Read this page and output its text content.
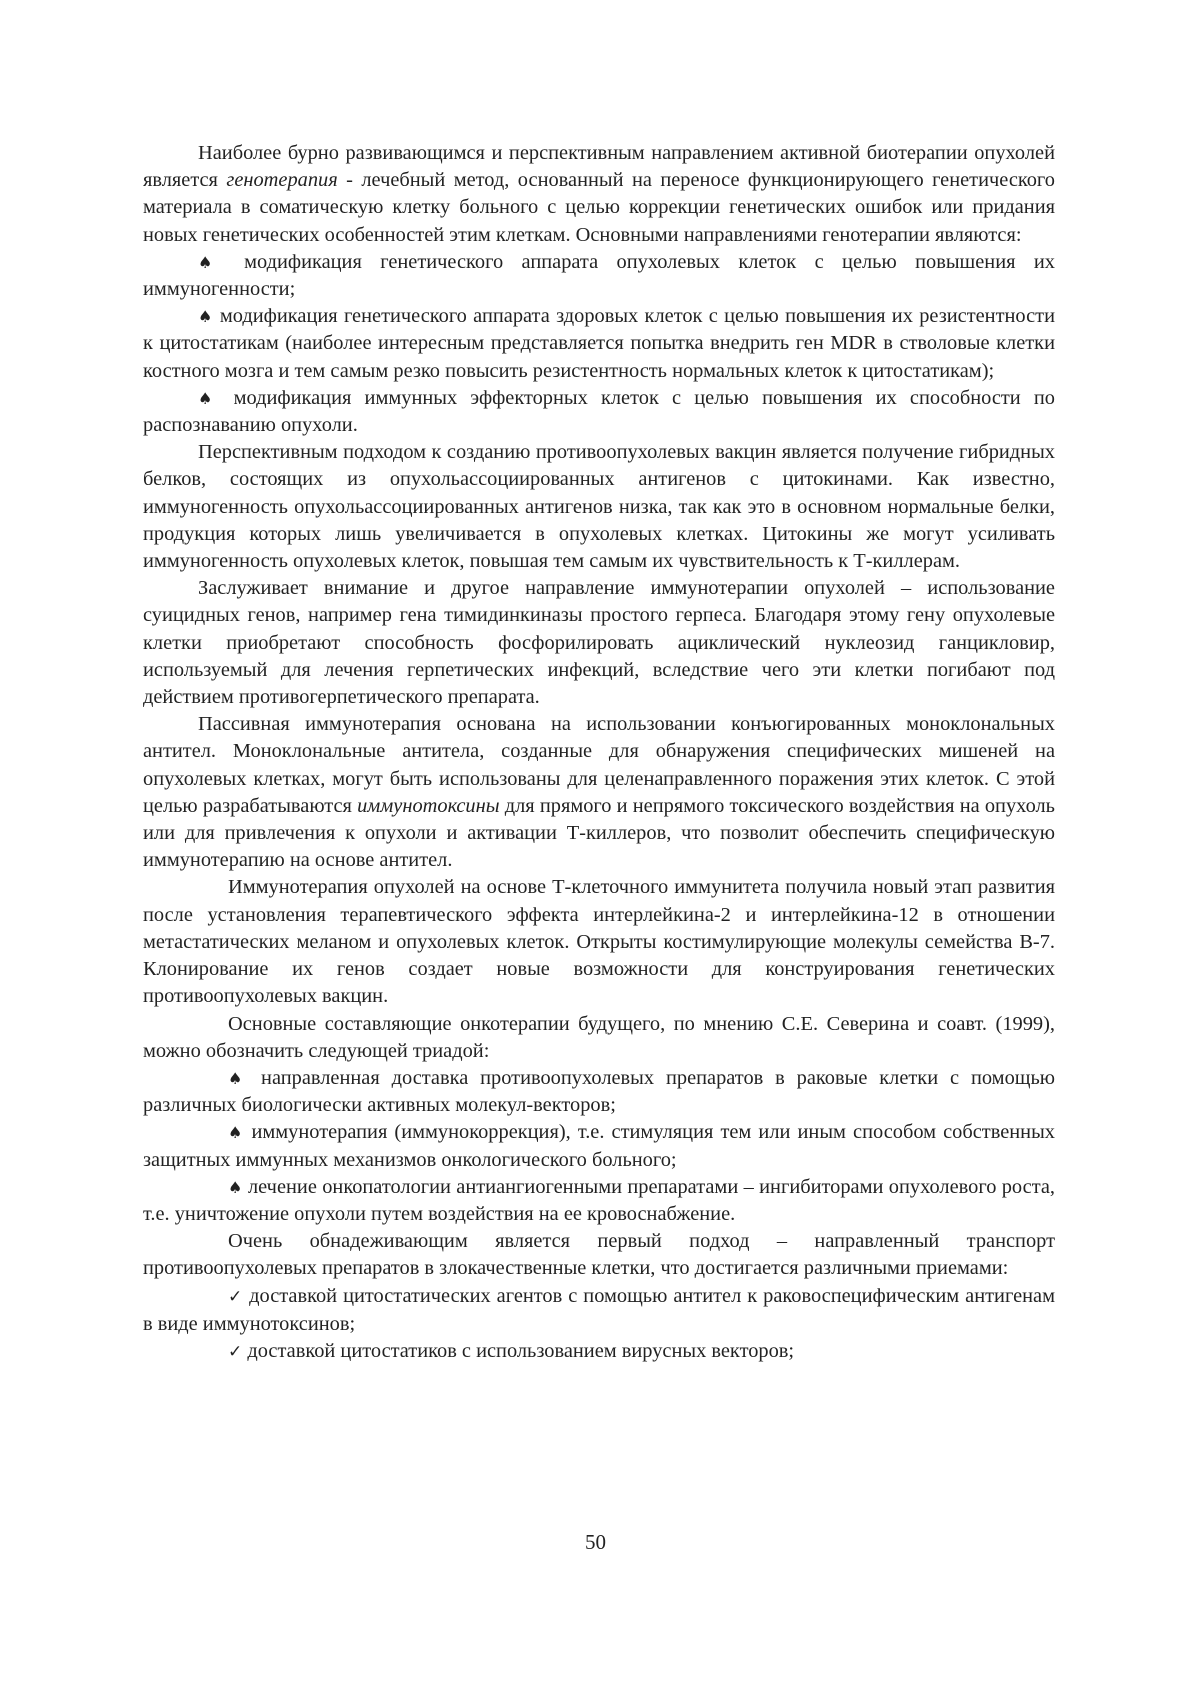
Наиболее бурно развивающимся и перспективным направлением активной биотерапии опухолей является генотерапия - лечебный метод, основанный на переносе функционирующего генетического материала в соматическую клетку больного с целью коррекции генетических ошибок или придания новых генетических особенностей этим клеткам. Основными направлениями генотерапии являются:

♠ модификация генетического аппарата опухолевых клеток с целью повышения их иммуногенности;

♠ модификация генетического аппарата здоровых клеток с целью повышения их резистентности к цитостатикам (наиболее интересным представляется попытка внедрить ген MDR в стволовые клетки костного мозга и тем самым резко повысить резистентность нормальных клеток к цитостатикам);

♠ модификация иммунных эффекторных клеток с целью повышения их способности по распознаванию опухоли.

Перспективным подходом к созданию противоопухолевых вакцин является получение гибридных белков, состоящих из опухольассоциированных антигенов с цитокинами. Как известно, иммуногенность опухольассоциированных антигенов низка, так как это в основном нормальные белки, продукция которых лишь увеличивается в опухолевых клетках. Цитокины же могут усиливать иммуногенность опухолевых клеток, повышая тем самым их чувствительность к Т-киллерам.

Заслуживает внимание и другое направление иммунотерапии опухолей – использование суицидных генов, например гена тимидинкиназы простого герпеса. Благодаря этому гену опухолевые клетки приобретают способность фосфорилировать ациклический нуклеозид ганцикловир, используемый для лечения герпетических инфекций, вследствие чего эти клетки погибают под действием противогерпетического препарата.

Пассивная иммунотерапия основана на использовании конъюгированных моноклональных антител. Моноклональные антитела, созданные для обнаружения специфических мишеней на опухолевых клетках, могут быть использованы для целенаправленного поражения этих клеток. С этой целью разрабатываются иммунотоксины для прямого и непрямого токсического воздействия на опухоль или для привлечения к опухоли и активации Т-киллеров, что позволит обеспечить специфическую иммунотерапию на основе антител.

Иммунотерапия опухолей на основе Т-клеточного иммунитета получила новый этап развития после установления терапевтического эффекта интерлейкина-2 и интерлейкина-12 в отношении метастатических меланом и опухолевых клеток. Открыты костимулирующие молекулы семейства В-7. Клонирование их генов создает новые возможности для конструирования генетических противоопухолевых вакцин.

Основные составляющие онкотерапии будущего, по мнению С.Е. Северина и соавт. (1999), можно обозначить следующей триадой:

♠ направленная доставка противоопухолевых препаратов в раковые клетки с помощью различных биологически активных молекул-векторов;

♠ иммунотерапия (иммунокоррекция), т.е. стимуляция тем или иным способом собственных защитных иммунных механизмов онкологического больного;

♠ лечение онкопатологии антиангиогенными препаратами – ингибиторами опухолевого роста, т.е. уничтожение опухоли путем воздействия на ее кровоснабжение.

Очень обнадеживающим является первый подход – направленный транспорт противоопухолевых препаратов в злокачественные клетки, что достигается различными приемами:

✓ доставкой цитостатических агентов с помощью антител к раковоспецифическим антигенам в виде иммунотоксинов;

✓ доставкой цитостатиков с использованием вирусных векторов;

50
